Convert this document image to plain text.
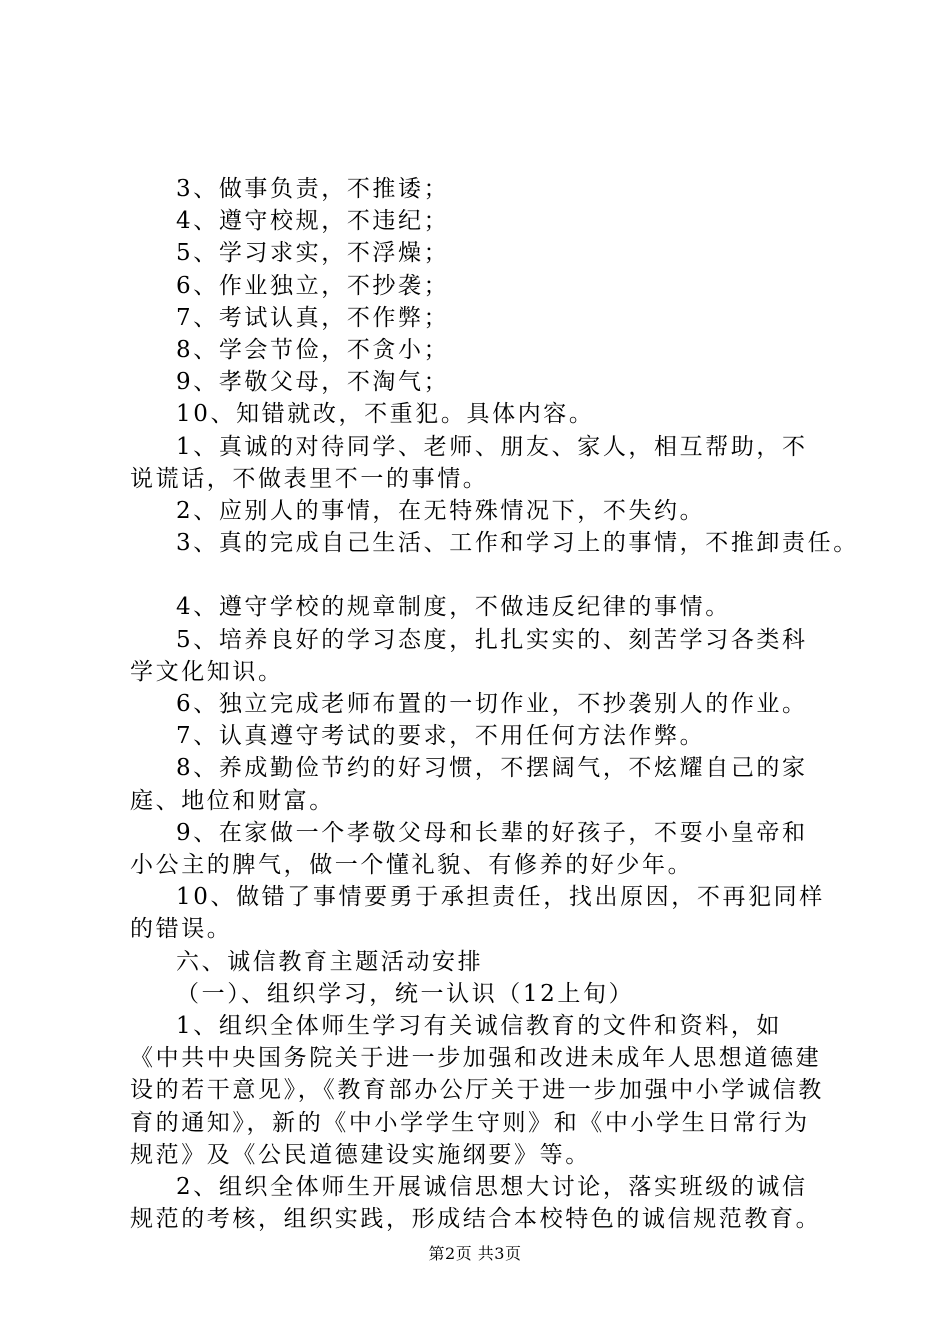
3、做事负责，不推诿；

4、遵守校规，不违纪；

5、学习求实，不浮燥；

6、作业独立，不抄袭；

7、考试认真，不作弊；

8、学会节俭，不贪小；

9、孝敬父母，不淘气；

10、知错就改，不重犯。具体内容。

1、真诚的对待同学、老师、朋友、家人，相互帮助，不说谎话，不做表里不一的事情。

2、应别人的事情，在无特殊情况下，不失约。

3、真的完成自己生活、工作和学习上的事情，不推卸责任。

4、遵守学校的规章制度，不做违反纪律的事情。

5、培养良好的学习态度，扎扎实实的、刻苦学习各类科学文化知识。

6、独立完成老师布置的一切作业，不抄袭别人的作业。

7、认真遵守考试的要求，不用任何方法作弊。

8、养成勤俭节约的好习惯，不摆阔气，不炫耀自己的家庭、地位和财富。

9、在家做一个孝敬父母和长辈的好孩子，不耍小皇帝和小公主的脾气，做一个懂礼貌、有修养的好少年。

10、做错了事情要勇于承担责任，找出原因，不再犯同样的错误。

六、诚信教育主题活动安排

（一）、组织学习，统一认识（12上旬）

1、组织全体师生学习有关诚信教育的文件和资料，如《中共中央国务院关于进一步加强和改进未成年人思想道德建设的若干意见》，《教育部办公厅关于进一步加强中小学诚信教育的通知》，新的《中小学学生守则》和《中小学生日常行为规范》及《公民道德建设实施纲要》等。

2、组织全体师生开展诚信思想大讨论，落实班级的诚信规范的考核，组织实践，形成结合本校特色的诚信规范教育。

第2页 共3页
